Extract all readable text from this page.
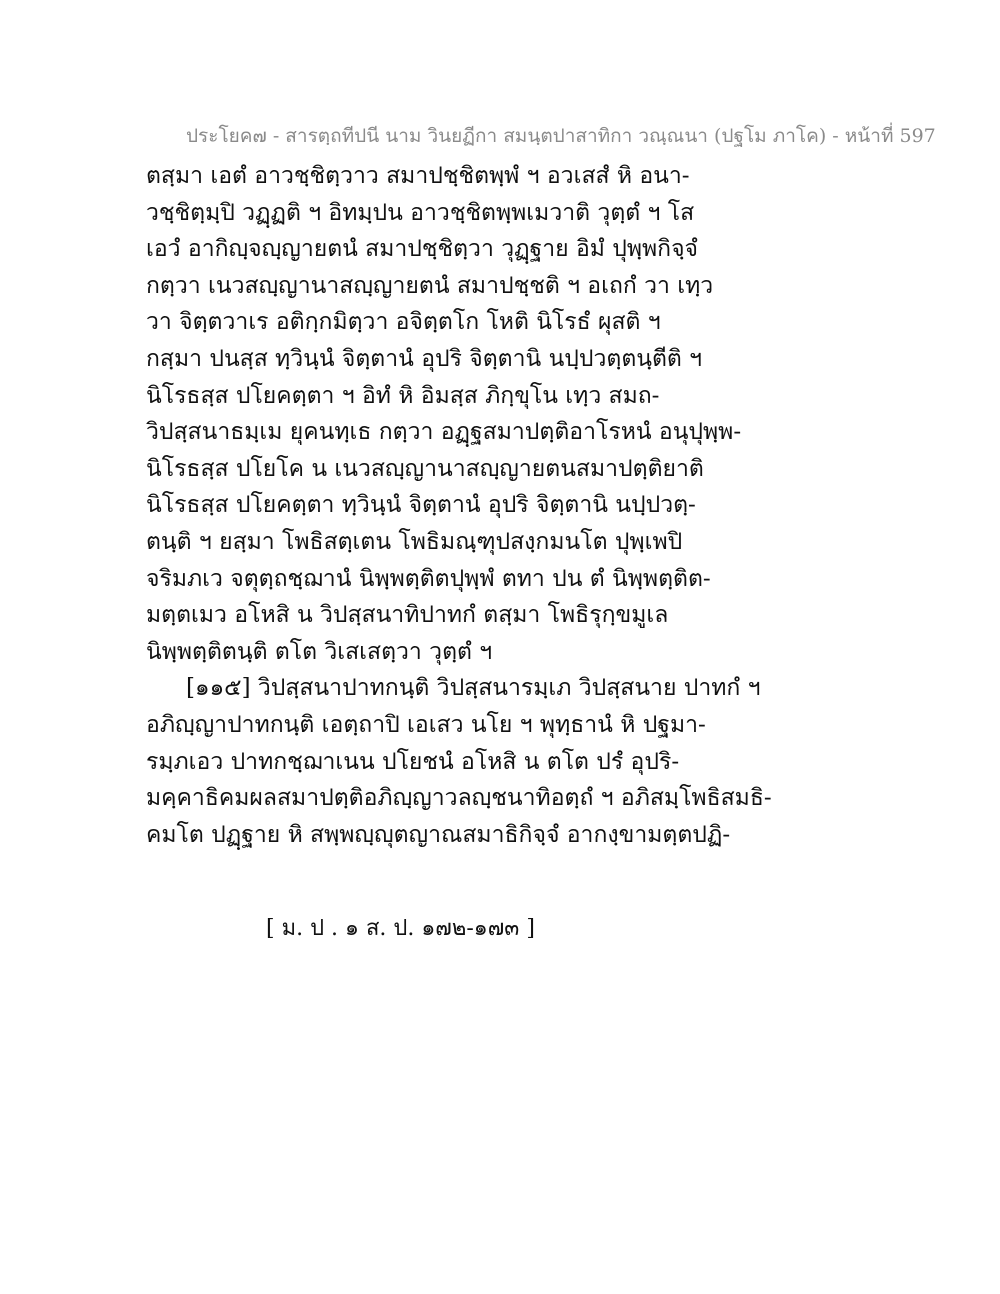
ประโยค๗ - สารตฺถทีปนี นาม วินยฏีกา สมนฺตปาสาทิกา วณฺณนา (ปฐโม ภาโค) - หน้าที่ 597
ตสฺมา เอตํ อาวชฺชิตฺวาว สมาปชฺชิตพฺพํ ฯ อวเสสํ หิ อนา-
วชฺชิตฺมฺปิ วฏฺฏติ ฯ อิทมฺปน อาวชฺชิตพฺพเมวาติ วุตฺตํ ฯ โส
เอวํ อากิญฺจญฺญายตนํ สมาปชฺชิตฺวา วุฏฺฐาย อิมํ ปุพฺพกิจฺจํ
กตฺวา เนวสญฺญานาสญฺญายตนํ สมาปชฺชติ ฯ อเถกํ วา เทฺว
วา จิตฺตวาเร อติกฺกมิตฺวา อจิตฺตโก โหติ นิโรธํ ผุสติ ฯ
กสฺมา ปนสฺส ทฺวินฺนํ จิตฺตานํ อุปริ จิตฺตานิ นปฺปวตฺตนฺตีติ ฯ
นิโรธสฺส ปโยคตฺตา ฯ อิทํ หิ อิมสฺส ภิกฺขุโน เทฺว สมถ-
วิปสฺสนาธมฺเม ยุคนทฺเธ กตฺวา อฏฺฐสมาปตฺติอาโรหนํ อนุปุพฺพ-
นิโรธสฺส ปโยโค น เนวสญฺญานาสญฺญายตนสมาปตฺติยาติ
นิโรธสฺส ปโยคตฺตา ทฺวินฺนํ จิตฺตานํ อุปริ จิตฺตานิ นปฺปวตฺ-
ตนฺติ ฯ ยสฺมา โพธิสตฺเตน โพธิมณฺฑุปสงฺกมนโต ปุพฺเพปิ
จริมภเว จตุตฺถชฺฌานํ นิพฺพตฺติตปุพฺพํ ตทา ปน ตํ นิพฺพตฺติต-
มตฺตเมว อโหสิ น วิปสฺสนาทิปาทกํ ตสฺมา โพธิรุกฺขมูเล
นิพฺพตฺติตนฺติ ตโต วิเสเสตฺวา วุตฺตํ ฯ
[๑๑๕] วิปสฺสนาปาทกนฺติ วิปสฺสนารมฺเภ วิปสฺสนาย ปาทกํ ฯ
อภิญฺญาปาทกนฺติ เอตฺถาปิ เอเสว นโย ฯ พุทฺธานํ หิ ปฐมา-
รมฺภเอว ปาทกชฺฌาเนน ปโยชนํ อโหสิ น ตโต ปรํ อุปริ-
มคฺคาธิคมผลสมาปตฺติอภิญฺญาวลญฺชนาทิอตฺถํ ฯ อภิสมฺโพธิสมธิ-
คมโต ปฏฺฐาย หิ สพฺพญฺญุตญาณสมาธิกิจฺจํ อากงฺขามตฺตปฏิ-
[ ม. ป . ๑ ส. ป. ๑๗๒-๑๗๓ ]
